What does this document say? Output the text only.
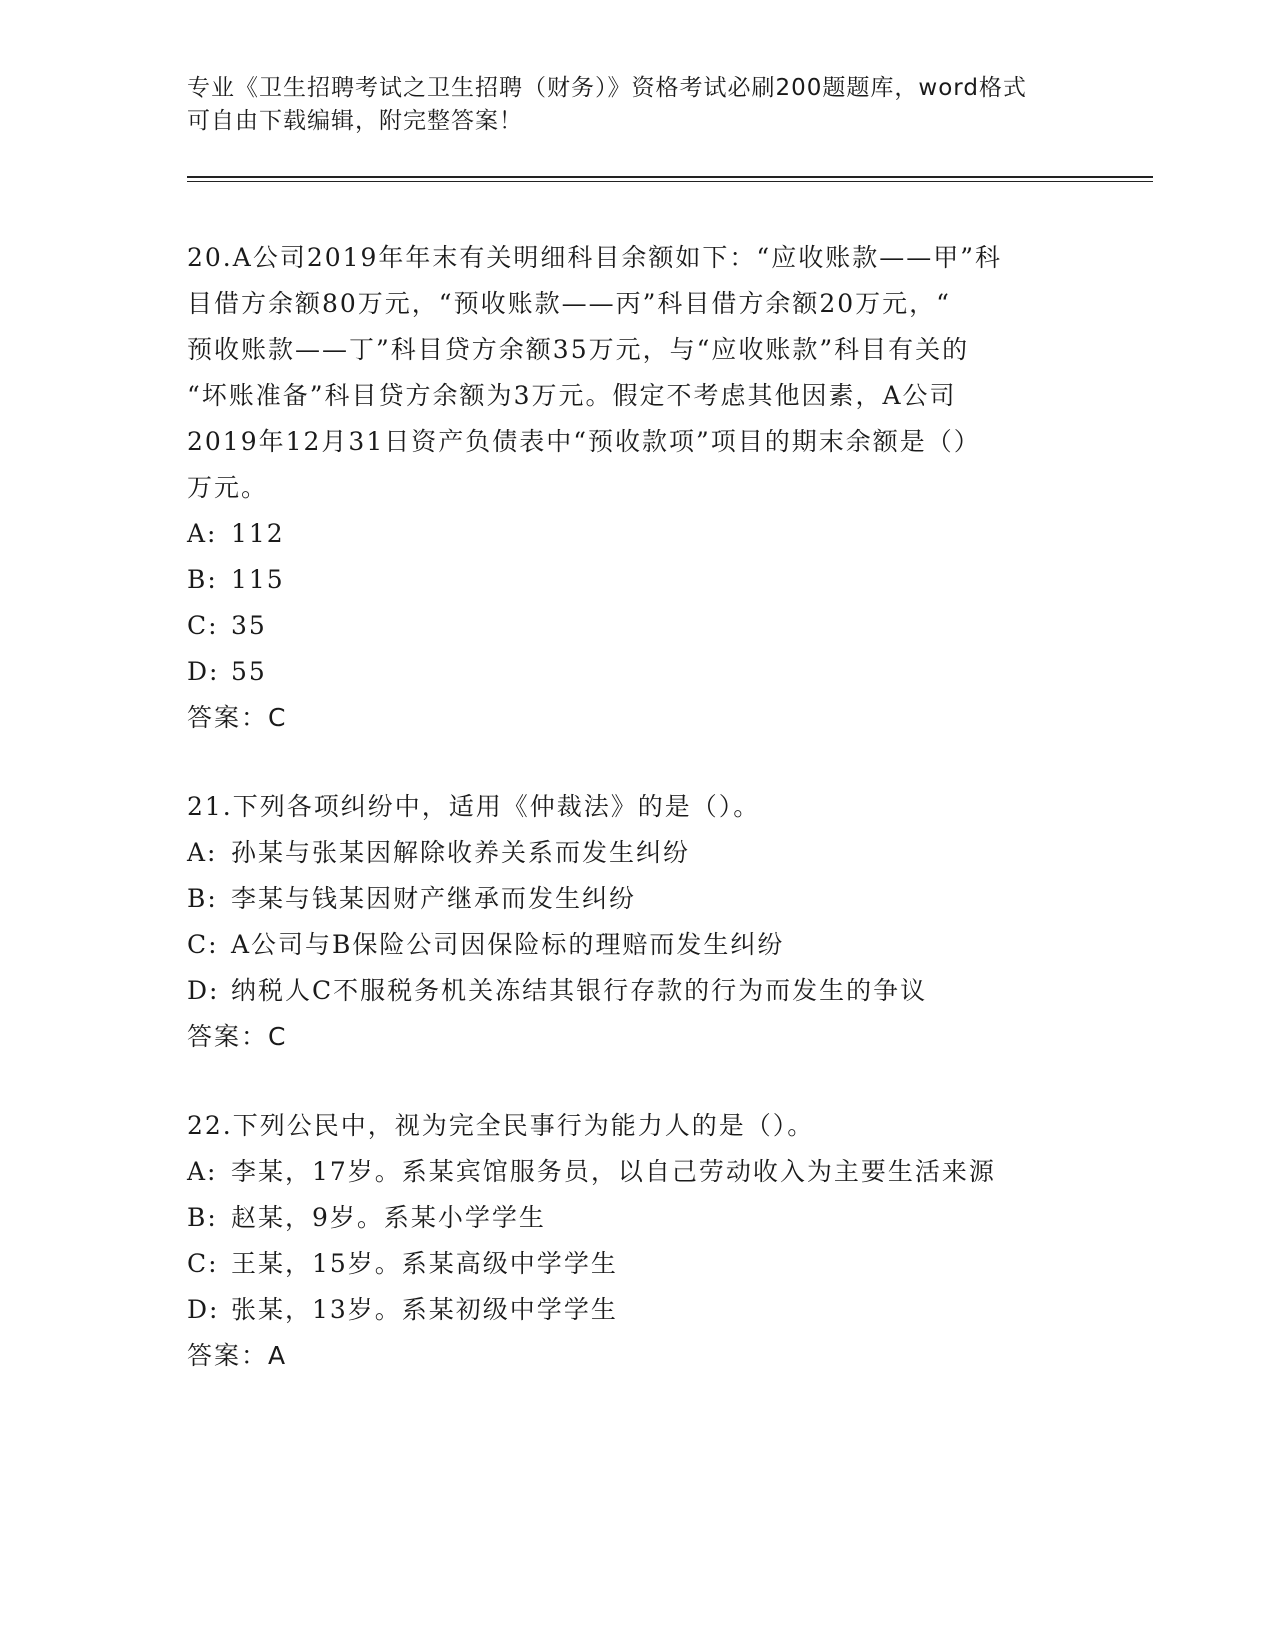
专业《卫生招聘考试之卫生招聘（财务）》资格考试必刷200题题库，word格式
可自由下载编辑，附完整答案！
20.A公司2019年年末有关明细科目余额如下：“应收账款——甲”科
目借方余额80万元，“预收账款——丙”科目借方余额20万元，“
预收账款——丁”科目贷方余额35万元，与“应收账款”科目有关的
“坏账准备”科目贷方余额为3万元。假定不考虑其他因素，A公司
2019年12月31日资产负债表中“预收款项”项目的期末余额是（）
万元。
A: 112
B: 115
C: 35
D: 55
答案：C
21.下列各项纠纷中，适用《仲裁法》的是（）。
A: 孙某与张某因解除收养关系而发生纠纷
B: 李某与钱某因财产继承而发生纠纷
C: A公司与B保险公司因保险标的理赔而发生纠纷
D: 纳税人C不服税务机关冻结其银行存款的行为而发生的争议
答案：C
22.下列公民中，视为完全民事行为能力人的是（）。
A: 李某，17岁。系某宾馆服务员，以自己劳动收入为主要生活来源
B: 赵某，9岁。系某小学学生
C: 王某，15岁。系某高级中学学生
D: 张某，13岁。系某初级中学学生
答案：A
